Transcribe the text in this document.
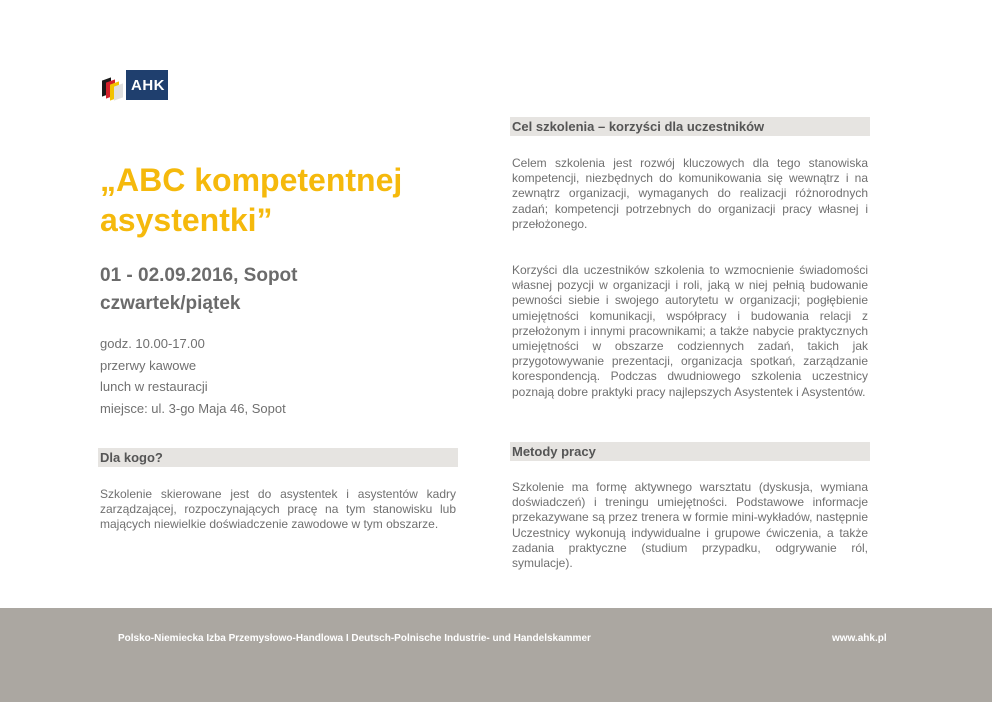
AHK
„ABC kompetentnej asystentki”
01 - 02.09.2016, Sopot
czwartek/piątek
godz. 10.00-17.00
przerwy kawowe
lunch w restauracji
miejsce: ul. 3-go Maja 46, Sopot
Dla kogo?

Szkolenie skierowane jest do asystentek i asystentów kadry zarządzającej, rozpoczynających pracę na tym stanowisku lub mających niewielkie doświadczenie zawodowe w tym obszarze.

Cel szkolenia – korzyści dla uczestników

Celem szkolenia jest rozwój kluczowych dla tego stanowiska kompetencji, niezbędnych do komunikowania się wewnątrz i na zewnątrz organizacji, wymaganych do realizacji różnorodnych zadań; kompetencji potrzebnych do organizacji pracy własnej i przełożonego.

Korzyści dla uczestników szkolenia to wzmocnienie świadomości własnej pozycji w organizacji i roli, jaką w niej pełnią budowanie pewności siebie i swojego autorytetu w organizacji; pogłębienie umiejętności komunikacji, współpracy i budowania relacji z przełożonym i innymi pracownikami; a także nabycie praktycznych umiejętności w obszarze codziennych zadań, takich jak przygotowywanie prezentacji, organizacja spotkań, zarządzanie korespondencją. Podczas dwudniowego szkolenia uczestnicy poznają dobre praktyki pracy najlepszych Asystentek i Asystentów.

Metody pracy

Szkolenie ma formę aktywnego warsztatu (dyskusja, wymiana doświadczeń) i treningu umiejętności. Podstawowe informacje przekazywane są przez trenera w formie mini-wykładów, następnie Uczestnicy wykonują indywidualne i grupowe ćwiczenia, a także zadania praktyczne (studium przypadku, odgrywanie ról, symulacje).

Polsko-Niemiecka Izba Przemysłowo-Handlowa I Deutsch-Polnische Industrie- und Handelskammer	www.ahk.pl
